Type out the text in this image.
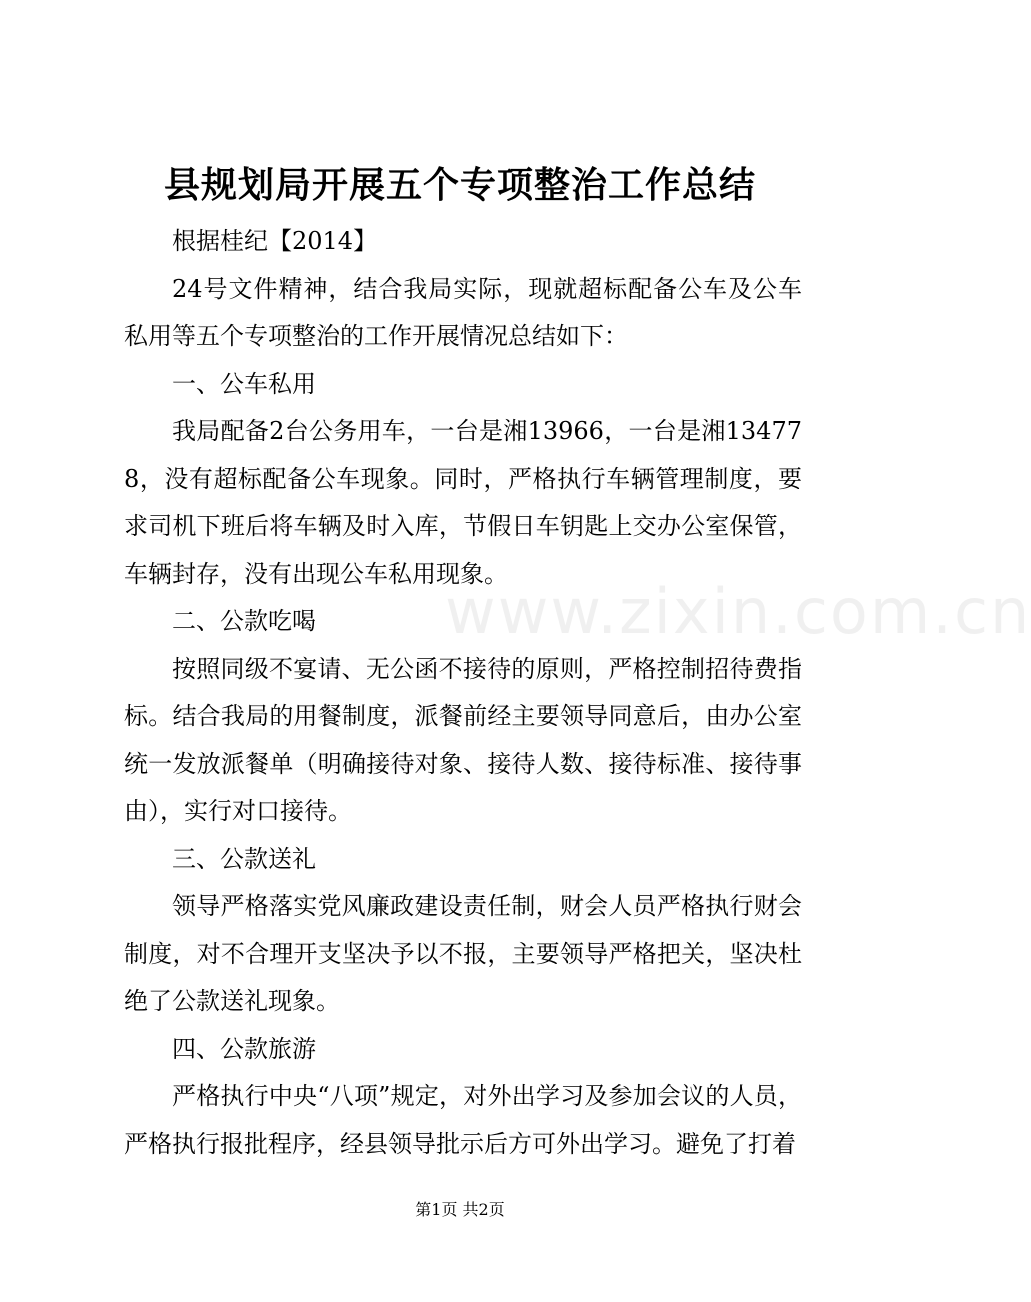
县规划局开展五个专项整治工作总结

根据桂纪【2014】

24号文件精神，结合我局实际，现就超标配备公车及公车私用等五个专项整治的工作开展情况总结如下：

一、公车私用

我局配备2台公务用车，一台是湘13966，一台是湘134778，没有超标配备公车现象。同时，严格执行车辆管理制度，要求司机下班后将车辆及时入库，节假日车钥匙上交办公室保管，车辆封存，没有出现公车私用现象。

二、公款吃喝

按照同级不宴请、无公函不接待的原则，严格控制招待费指标。结合我局的用餐制度，派餐前经主要领导同意后，由办公室统一发放派餐单（明确接待对象、接待人数、接待标准、接待事由），实行对口接待。

三、公款送礼

领导严格落实党风廉政建设责任制，财会人员严格执行财会制度，对不合理开支坚决予以不报，主要领导严格把关，坚决杜绝了公款送礼现象。

四、公款旅游

严格执行中央“八项”规定，对外出学习及参加会议的人员，严格执行报批程序，经县领导批示后方可外出学习。避免了打着

www.zixin.com.cn
第1页 共2页
